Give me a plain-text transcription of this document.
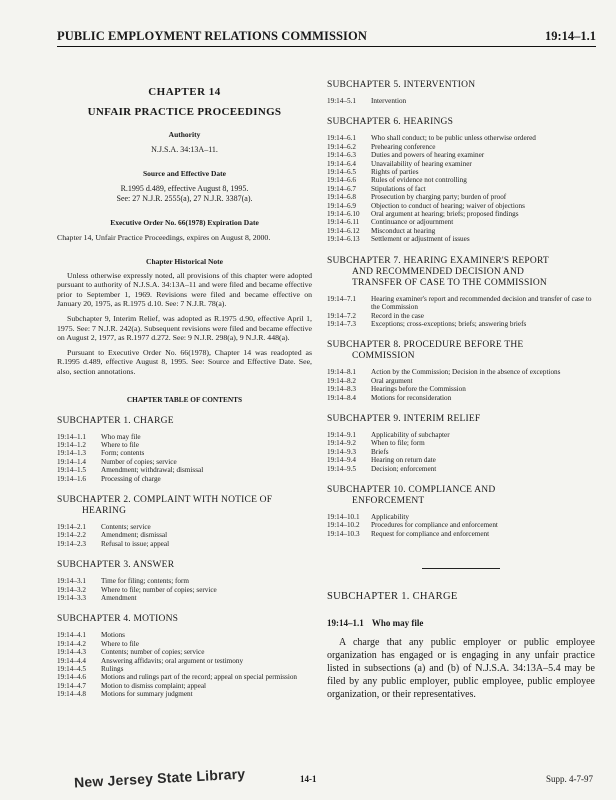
PUBLIC EMPLOYMENT RELATIONS COMMISSION	19:14–1.1
CHAPTER 14
UNFAIR PRACTICE PROCEEDINGS
Authority
N.J.S.A. 34:13A–11.
Source and Effective Date
R.1995 d.489, effective August 8, 1995.
See: 27 N.J.R. 2555(a), 27 N.J.R. 3387(a).
Executive Order No. 66(1978) Expiration Date
Chapter 14, Unfair Practice Proceedings, expires on August 8, 2000.
Chapter Historical Note
Unless otherwise expressly noted, all provisions of this chapter were adopted pursuant to authority of N.J.S.A. 34:13A–11 and were filed and became effective prior to September 1, 1969. Revisions were filed and became effective on January 20, 1975, as R.1975 d.10. See: 7 N.J.R. 78(a).
Subchapter 9, Interim Relief, was adopted as R.1975 d.90, effective April 1, 1975. See: 7 N.J.R. 242(a). Subsequent revisions were filed and became effective on August 2, 1977, as R.1977 d.272. See: 9 N.J.R. 298(a), 9 N.J.R. 448(a).
Pursuant to Executive Order No. 66(1978), Chapter 14 was readopted as R.1995 d.489, effective August 8, 1995. See: Source and Effective Date. See, also, section annotations.
CHAPTER TABLE OF CONTENTS
SUBCHAPTER 1. CHARGE
19:14–1.1	Who may file
19:14–1.2	Where to file
19:14–1.3	Form; contents
19:14–1.4	Number of copies; service
19:14–1.5	Amendment; withdrawal; dismissal
19:14–1.6	Processing of charge
SUBCHAPTER 2. COMPLAINT WITH NOTICE OF
HEARING
19:14–2.1	Contents; service
19:14–2.2	Amendment; dismissal
19:14–2.3	Refusal to issue; appeal
SUBCHAPTER 3. ANSWER
19:14–3.1	Time for filing; contents; form
19:14–3.2	Where to file; number of copies; service
19:14–3.3	Amendment
SUBCHAPTER 4. MOTIONS
19:14–4.1	Motions
19:14–4.2	Where to file
19:14–4.3	Contents; number of copies; service
19:14–4.4	Answering affidavits; oral argument or testimony
19:14–4.5	Rulings
19:14–4.6	Motions and rulings part of the record; appeal on special permission
19:14–4.7	Motion to dismiss complaint; appeal
19:14–4.8	Motions for summary judgment
SUBCHAPTER 5. INTERVENTION
19:14–5.1	Intervention
SUBCHAPTER 6. HEARINGS
19:14–6.1	Who shall conduct; to be public unless otherwise ordered
19:14–6.2	Prehearing conference
19:14–6.3	Duties and powers of hearing examiner
19:14–6.4	Unavailability of hearing examiner
19:14–6.5	Rights of parties
19:14–6.6	Rules of evidence not controlling
19:14–6.7	Stipulations of fact
19:14–6.8	Prosecution by charging party; burden of proof
19:14–6.9	Objection to conduct of hearing; waiver of objections
19:14–6.10	Oral argument at hearing; briefs; proposed findings
19:14–6.11	Continuance or adjournment
19:14–6.12	Misconduct at hearing
19:14–6.13	Settlement or adjustment of issues
SUBCHAPTER 7. HEARING EXAMINER'S REPORT
AND RECOMMENDED DECISION AND
TRANSFER OF CASE TO THE COMMISSION
19:14–7.1	Hearing examiner's report and recommended decision and transfer of case to the Commission
19:14–7.2	Record in the case
19:14–7.3	Exceptions; cross-exceptions; briefs; answering briefs
SUBCHAPTER 8. PROCEDURE BEFORE THE
COMMISSION
19:14–8.1	Action by the Commission; Decision in the absence of exceptions
19:14–8.2	Oral argument
19:14–8.3	Hearings before the Commission
19:14–8.4	Motions for reconsideration
SUBCHAPTER 9. INTERIM RELIEF
19:14–9.1	Applicability of subchapter
19:14–9.2	When to file; form
19:14–9.3	Briefs
19:14–9.4	Hearing on return date
19:14–9.5	Decision; enforcement
SUBCHAPTER 10. COMPLIANCE AND
ENFORCEMENT
19:14–10.1	Applicability
19:14–10.2	Procedures for compliance and enforcement
19:14–10.3	Request for compliance and enforcement
SUBCHAPTER 1. CHARGE
19:14–1.1 Who may file
A charge that any public employer or public employee organization has engaged or is engaging in any unfair practice listed in subsections (a) and (b) of N.J.S.A. 34:13A–5.4 may be filed by any public employer, public employee, public employee organization, or their representatives.
New Jersey State Library	14-1	Supp. 4-7-97
